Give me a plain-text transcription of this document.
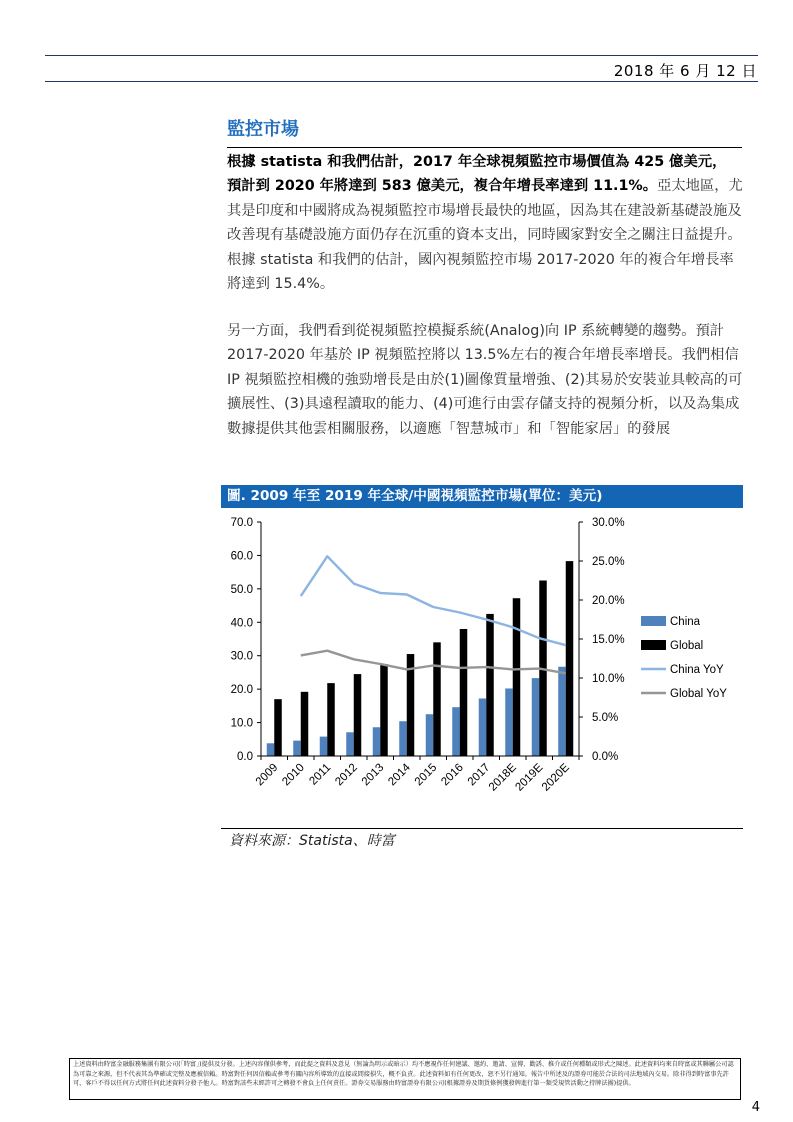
2018 年 6 月 12 日
監控市場
根據 statista 和我們估計，2017 年全球視頻監控市場價值為 425 億美元，
預計到 2020 年將達到 583 億美元，複合年增長率達到 11.1%。亞太地區，尤其是印度和中國將成為視頻監控市場增長最快的地區，因為其在建設新基礎設施及改善現有基礎設施方面仍存在沉重的資本支出，同時國家對安全之關注日益提升。根據 statista 和我們的估計，國內視頻監控市場 2017-2020 年的複合年增長率將達到 15.4%。
另一方面，我們看到從視頻監控模擬系統(Analog)向 IP 系統轉變的趨勢。預計 2017-2020 年基於 IP 視頻監控將以 13.5%左右的複合年增長率增長。我們相信 IP 視頻監控相機的強勁增長是由於(1)圖像質量增強、(2)其易於安裝並具較高的可擴展性、(3)具遠程讀取的能力、(4)可進行由雲存儲支持的視頻分析，以及為集成數據提供其他雲相關服務，以適應「智慧城市」和「智能家居」的發展
圖. 2009 年至 2019 年全球/中國視頻監控市場(單位：美元)
0.0
10.0
20.0
30.0
40.0
50.0
60.0
70.0
0.0%
5.0%
10.0%
15.0%
20.0%
25.0%
30.0%
2009 2010 2011 2012 2013 2014 2015 2016 2017
2018E
2019E
2020E
China
Global
China YoY
Global YoY
資料來源：Statista、時富
上述資料由時富金融服務集團有限公司(「時富」)提供及分發。上述內容僅供參考，而此提之資料及意見（無論為明示或暗示）均不應視作任何建議、邀約、邀請、宣傳、勸誘、推介或任何種類或形式之陳述。此述資料均來自時富或其聯屬公司認為可靠之來源，但不代表其為準確或完整及應被信賴。時富對任何因信賴或參考有關內容所導致的直接或間接損失，概不負責。此述資料如有任何更改，恕不另行通知。報告中所述及的證券可能於合法的司法地域內交易。除非得到時富事先許可，客戶不得以任何方式將任何此述資料分發予他人。時富對該些未經許可之轉發不會負上任何責任。證券交易服務由時富證券有限公司(根據證券及期貨條例獲發牌進行第一類受規管活動之持牌法團)提供。
4
